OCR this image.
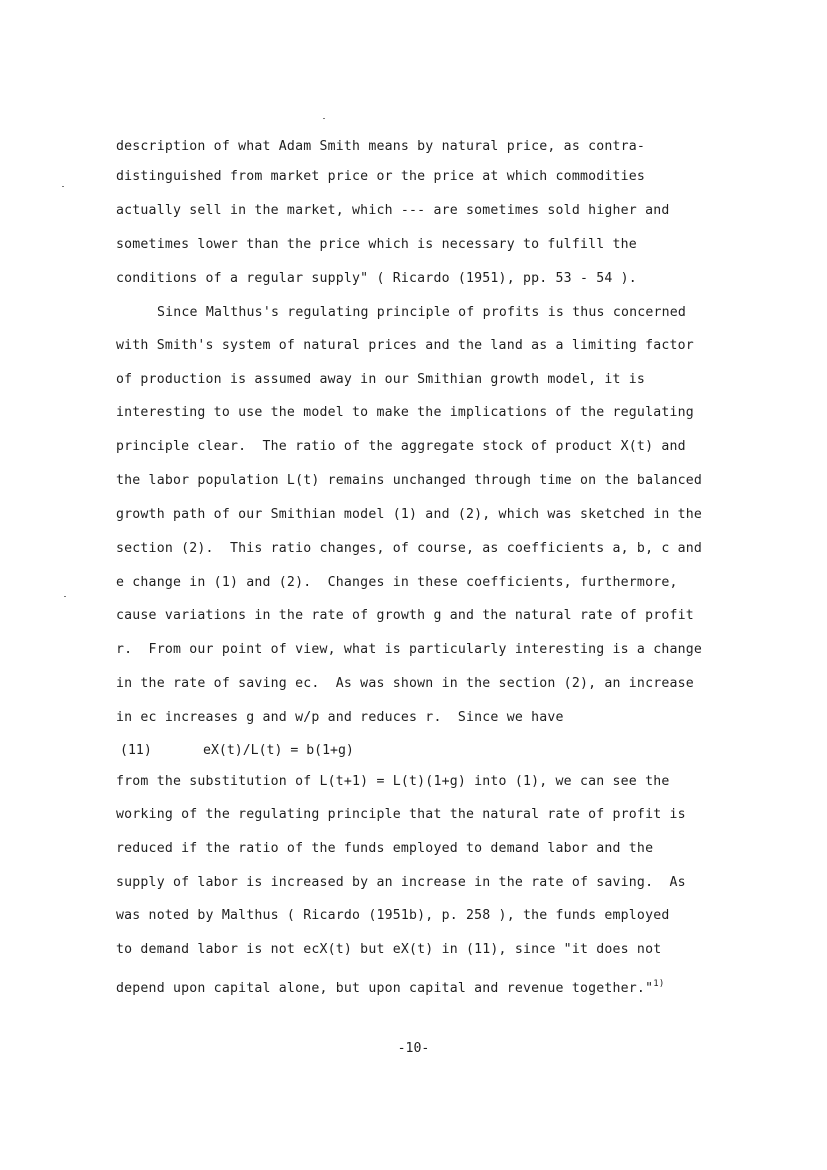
description of what Adam Smith means by natural price, as contra-
distinguished from market price or the price at which commodities
actually sell in the market, which --- are sometimes sold higher and
sometimes lower than the price which is necessary to fulfill the
conditions of a regular supply" ( Ricardo (1951), pp. 53 - 54 ).
Since Malthus's regulating principle of profits is thus concerned
with Smith's system of natural prices and the land as a limiting factor
of production is assumed away in our Smithian growth model, it is
interesting to use the model to make the implications of the regulating
principle clear.  The ratio of the aggregate stock of product X(t) and
the labor population L(t) remains unchanged through time on the balanced
growth path of our Smithian model (1) and (2), which was sketched in the
section (2).  This ratio changes, of course, as coefficients a, b, c and
e change in (1) and (2).  Changes in these coefficients, furthermore,
cause variations in the rate of growth g and the natural rate of profit
r.  From our point of view, what is particularly interesting is a change
in the rate of saving ec.  As was shown in the section (2), an increase
in ec increases g and w/p and reduces r.  Since we have
(11)	eX(t)/L(t) = b(1+g)
from the substitution of L(t+1) = L(t)(1+g) into (1), we can see the
working of the regulating principle that the natural rate of profit is
reduced if the ratio of the funds employed to demand labor and the
supply of labor is increased by an increase in the rate of saving.  As
was noted by Malthus ( Ricardo (1951b), p. 258 ), the funds employed
to demand labor is not ecX(t) but eX(t) in (11), since "it does not
depend upon capital alone, but upon capital and revenue together."$^{1)}$
-10-
